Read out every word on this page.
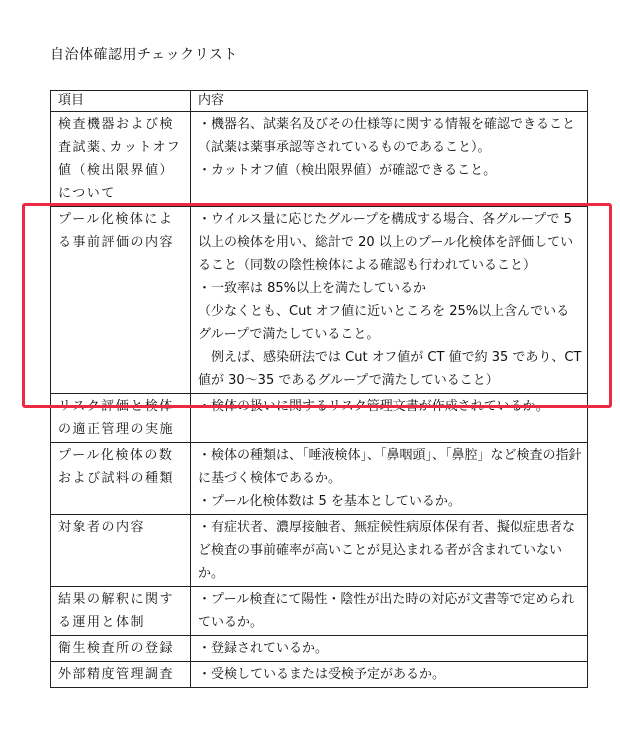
自治体確認用チェックリスト
項目	内容
検査機器および検査試薬､カットオフ値（検出限界値）について	・機器名、試薬名及びその仕様等に関する情報を確認できること（試薬は薬事承認等されているものであること）。
・カットオフ値（検出限界値）が確認できること。

プール化検体による事前評価の内容	・ウイルス量に応じたグループを構成する場合、各グループで 5 以上の検体を用い、総計で 20 以上のプール化検体を評価していること（同数の陰性検体による確認も行われていること）
・一致率は 85%以上を満たしているか
（少なくとも、Cut オフ値に近いところを 25%以上含んでいるグループで満たしていること。
　例えば、感染研法では Cut オフ値が CT 値で約 35 であり、CT 値が 30〜35 であるグループで満たしていること）

リスク評価と検体の適正管理の実施	・検体の扱いに関するリスク管理文書が作成されているか。

プール化検体の数および試料の種類	・検体の種類は、「唾液検体」、「鼻咽頭」、「鼻腔」など検査の指針に基づく検体であるか。
・プール化検体数は 5 を基本としているか。

対象者の内容	・有症状者、濃厚接触者、無症候性病原体保有者、擬似症患者など検査の事前確率が高いことが見込まれる者が含まれていないか。

結果の解釈に関する運用と体制	・プール検査にて陽性・陰性が出た時の対応が文書等で定められているか。

衛生検査所の登録	・登録されているか。

外部精度管理調査	・受検しているまたは受検予定があるか。
